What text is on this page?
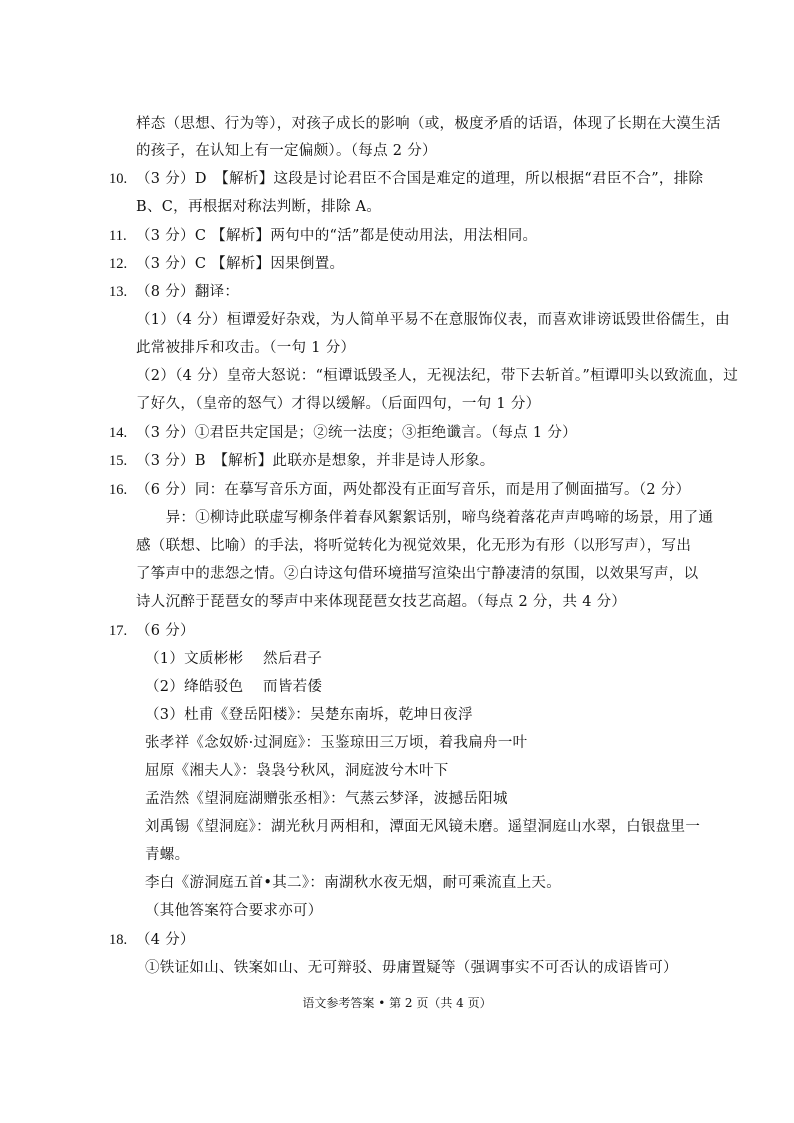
样态（思想、行为等），对孩子成长的影响（或，极度矛盾的话语，体现了长期在大漠生活
的孩子，在认知上有一定偏颇）。（每点 2 分）
10. （3 分）D　【解析】这段是讨论君臣不合国是难定的道理，所以根据“君臣不合”，排除
B、C，再根据对称法判断，排除 A。
11. （3 分）C 【解析】两句中的“活”都是使动用法，用法相同。
12. （3 分）C 【解析】因果倒置。
13. （8 分）翻译：
（1）（4 分）桓谭爱好杂戏，为人简单平易不在意服饰仪表，而喜欢诽谤诋毁世俗儒生，由
此常被排斥和攻击。（一句 1 分）
（2）（4 分）皇帝大怒说：“桓谭诋毁圣人，无视法纪，带下去斩首。”桓谭叩头以致流血，过
了好久，（皇帝的怒气）才得以缓解。（后面四句，一句 1 分）
14. （3 分）①君臣共定国是；②统一法度；③拒绝谶言。（每点 1 分）
15. （3 分）B　【解析】此联亦是想象，并非是诗人形象。
16. （6 分）同：在摹写音乐方面，两处都没有正面写音乐，而是用了侧面描写。（2 分）
　　异：①柳诗此联虚写柳条伴着春风絮絮话别，啼鸟绕着落花声声鸣啼的场景，用了通
感（联想、比喻）的手法，将听觉转化为视觉效果，化无形为有形（以形写声），写出
了筝声中的悲怨之情。②白诗这句借环境描写渲染出宁静凄清的氛围，以效果写声，以
诗人沉醉于琵琶女的琴声中来体现琵琶女技艺高超。（每点 2 分，共 4 分）
17. （6 分）
（1）文质彬彬　 然后君子
（2）绛皓驳色　 而皆若倭
（3）杜甫《登岳阳楼》：吴楚东南坼，乾坤日夜浮
张孝祥《念奴娇·过洞庭》：玉鉴琼田三万顷，着我扁舟一叶
屈原《湘夫人》：袅袅兮秋风，洞庭波兮木叶下
孟浩然《望洞庭湖赠张丞相》：气蒸云梦泽，波撼岳阳城
刘禹锡《望洞庭》：湖光秋月两相和，潭面无风镜未磨。遥望洞庭山水翠，白银盘里一
青螺。
李白《游洞庭五首•其二》：南湖秋水夜无烟，耐可乘流直上天。
（其他答案符合要求亦可）
18. （4 分）
①铁证如山、铁案如山、无可辩驳、毋庸置疑等（强调事实不可否认的成语皆可）
语文参考答案 • 第 2 页（共 4 页）
